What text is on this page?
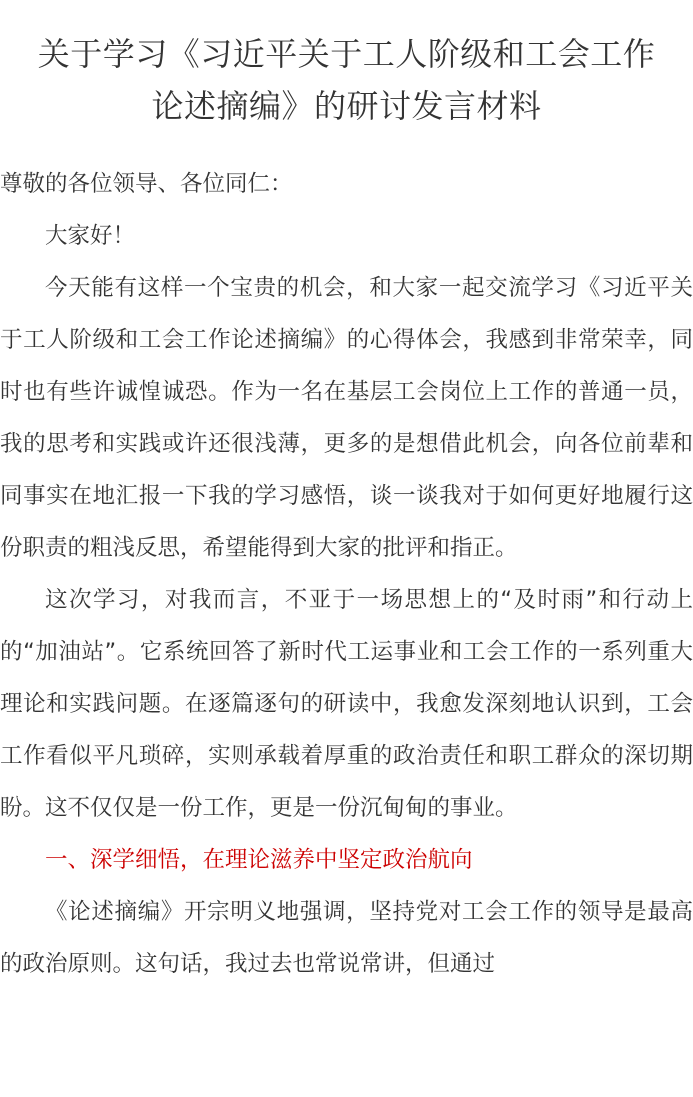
关于学习《习近平关于工人阶级和工会工作
论述摘编》的研讨发言材料
尊敬的各位领导、各位同仁：

大家好！

今天能有这样一个宝贵的机会，和大家一起交流学习《习近平关于工人阶级和工会工作论述摘编》的心得体会，我感到非常荣幸，同时也有些许诚惶诚恐。作为一名在基层工会岗位上工作的普通一员，我的思考和实践或许还很浅薄，更多的是想借此机会，向各位前辈和同事实在地汇报一下我的学习感悟，谈一谈我对于如何更好地履行这份职责的粗浅反思，希望能得到大家的批评和指正。

这次学习，对我而言，不亚于一场思想上的“及时雨”和行动上的“加油站”。它系统回答了新时代工运事业和工会工作的一系列重大理论和实践问题。在逐篇逐句的研读中，我愈发深刻地认识到，工会工作看似平凡琐碎，实则承载着厚重的政治责任和职工群众的深切期盼。这不仅仅是一份工作，更是一份沉甸甸的事业。

一、深学细悟，在理论滋养中坚定政治航向

《论述摘编》开宗明义地强调，坚持党对工会工作的领导是最高的政治原则。这句话，我过去也常说常讲，但通过
